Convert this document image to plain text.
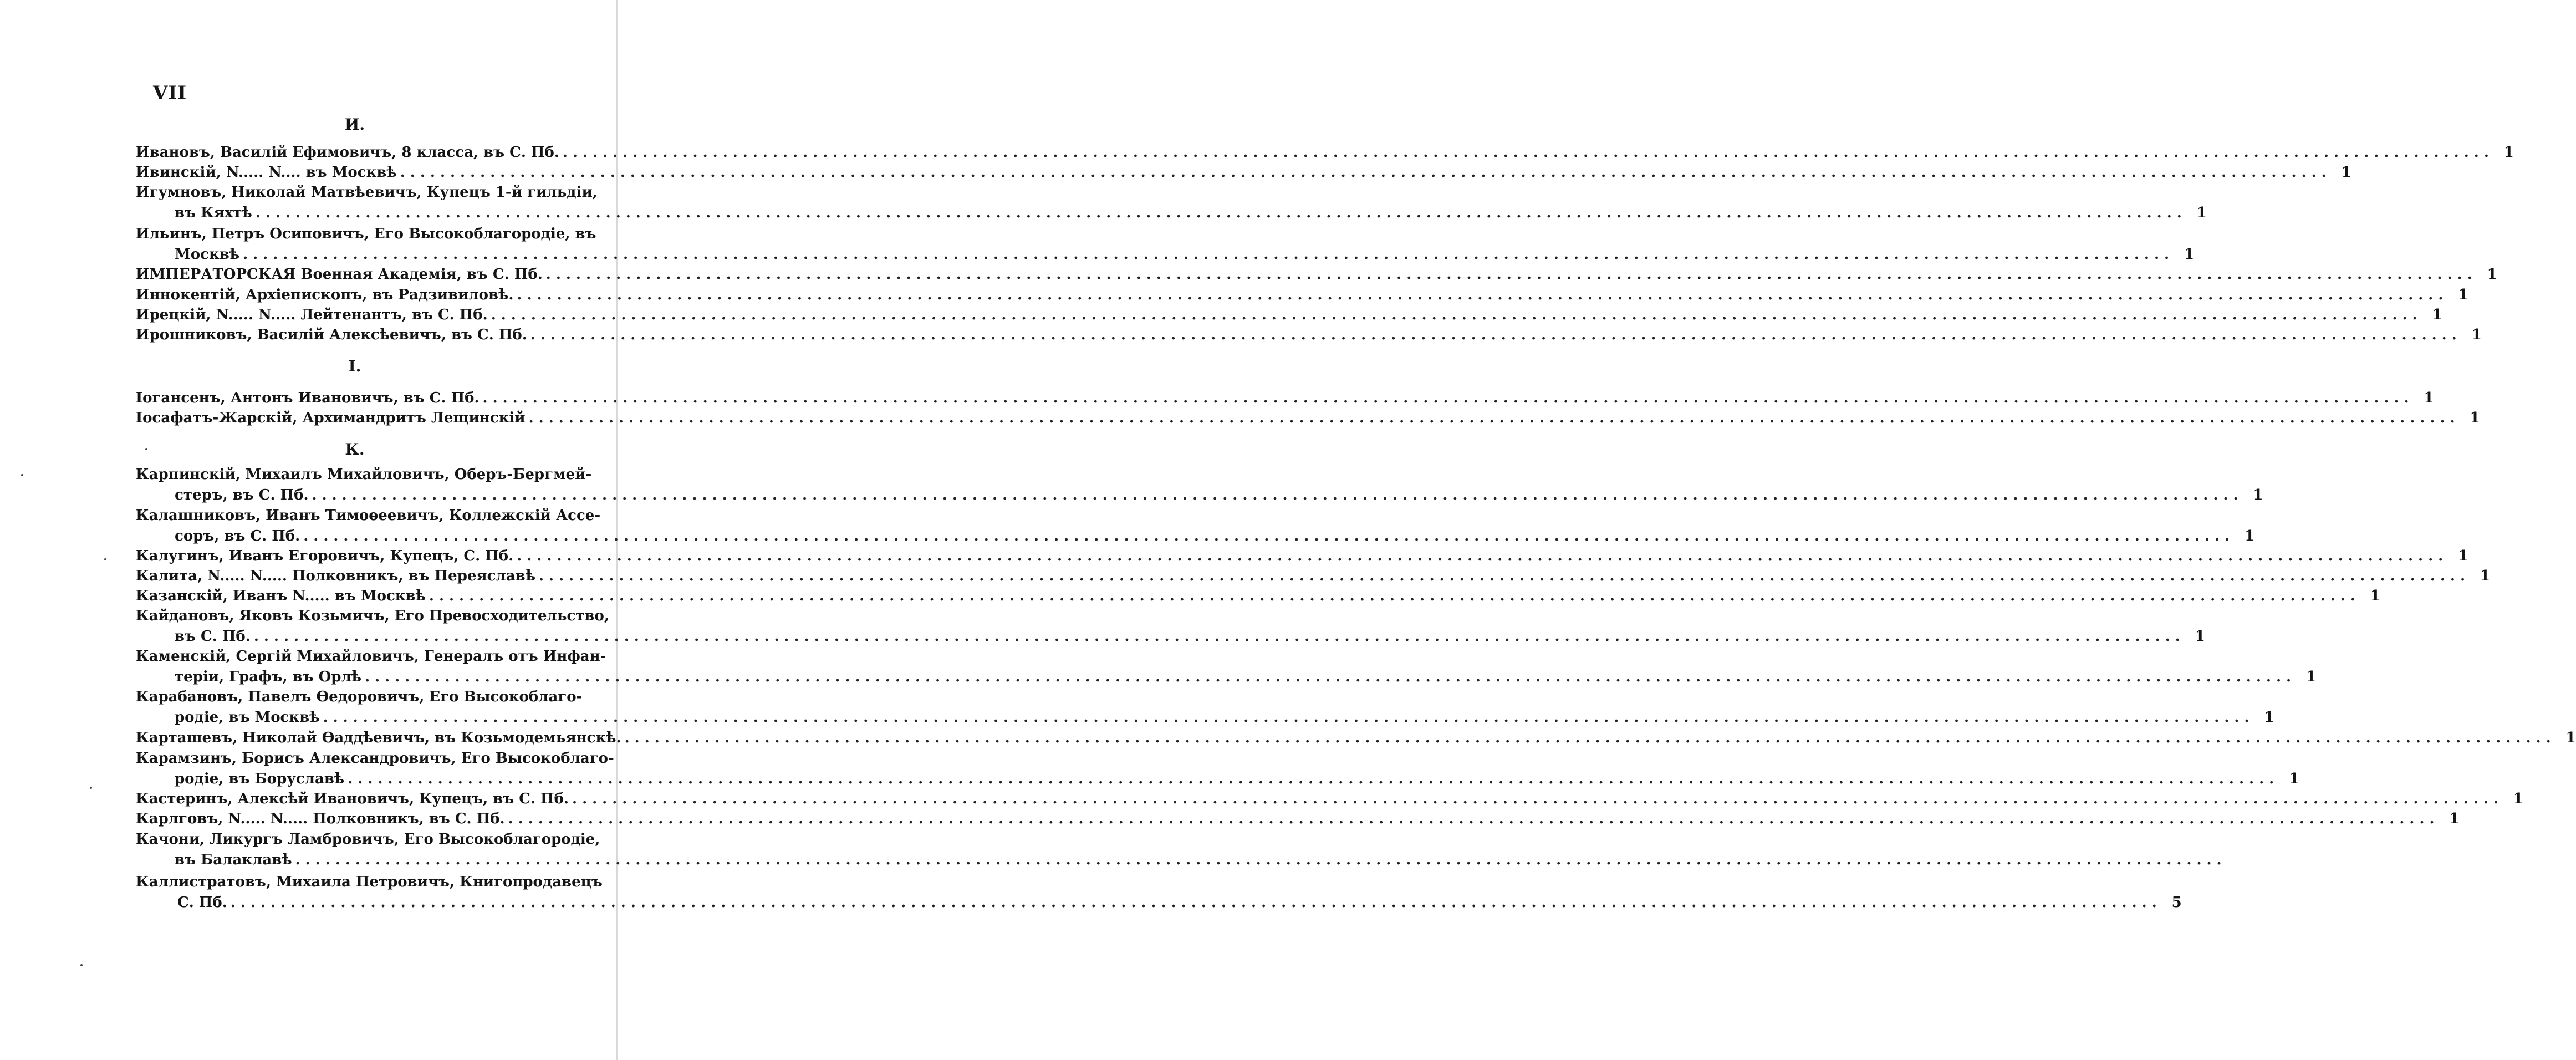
VII
И.
Ивановъ, Василій Ефимовичъ, 8 класса, въ С. Пб. .....	1
Ивинскій, N..... N.... въ Москвѣ .....	1
Игумновъ, Николай Матвѣевичъ, Купецъ 1-й гильдіи,
въ Кяхтѣ .....	1
Ильинъ, Петръ Осиповичъ, Его Высокоблагородіе, въ
Москвѣ .....	1
ИМПЕРАТОРСКАЯ Военная Академія, въ С. Пб. .....	1
Иннокентій, Архіепископъ, въ Радзивиловѣ. .....	1
Ирецкій, N..... N..... Лейтенантъ, въ С. Пб. .....	1
Ирошниковъ, Василій Алексѣевичъ, въ С. Пб. .....	1
І.
Іогансенъ, Антонъ Ивановичъ, въ С. Пб. .....	1
Іосафатъ-Жарскій, Архимандритъ Лещинскій .....	1
К.
Карпинскій, Михаилъ Михайловичъ, Оберъ-Бергмей-
стеръ, въ С. Пб. .....	1
Калашниковъ, Иванъ Тимоѳеевичъ, Коллежскій Ассе-
соръ, въ С. Пб. .....	1
Калугинъ, Иванъ Егоровичъ, Купецъ, С. Пб. .....	1
Калита, N..... N..... Полковникъ, въ Переяславѣ .....	1
Казанскій, Иванъ N..... въ Москвѣ .....	1
Кайдановъ, Яковъ Козьмичъ, Его Превосходительство,
въ С. Пб. .....	1
Каменскій, Сергій Михайловичъ, Генералъ отъ Инфан-
теріи, Графъ, въ Орлѣ .....	1
Карабановъ, Павелъ Ѳедоровичъ, Его Высокоблаго-
родіе, въ Москвѣ .....	1
Карташевъ, Николай Ѳаддѣевичъ, въ Козьмодемьянскѣ. .....	1
Карамзинъ, Борисъ Александровичъ, Его Высокоблаго-
родіе, въ Боруславѣ .....	1
Кастеринъ, Алексѣй Ивановичъ, Купецъ, въ С. Пб. .....	1
Карлговъ, N..... N..... Полковникъ, въ С. Пб. .....	1
Качони, Ликургъ Ламбровичъ, Его Высокоблагородіе,
въ Балаклавѣ
.....
Каллистратовъ, Михаила Петровичъ, Книгопродавецъ
С. Пб. .....	5
